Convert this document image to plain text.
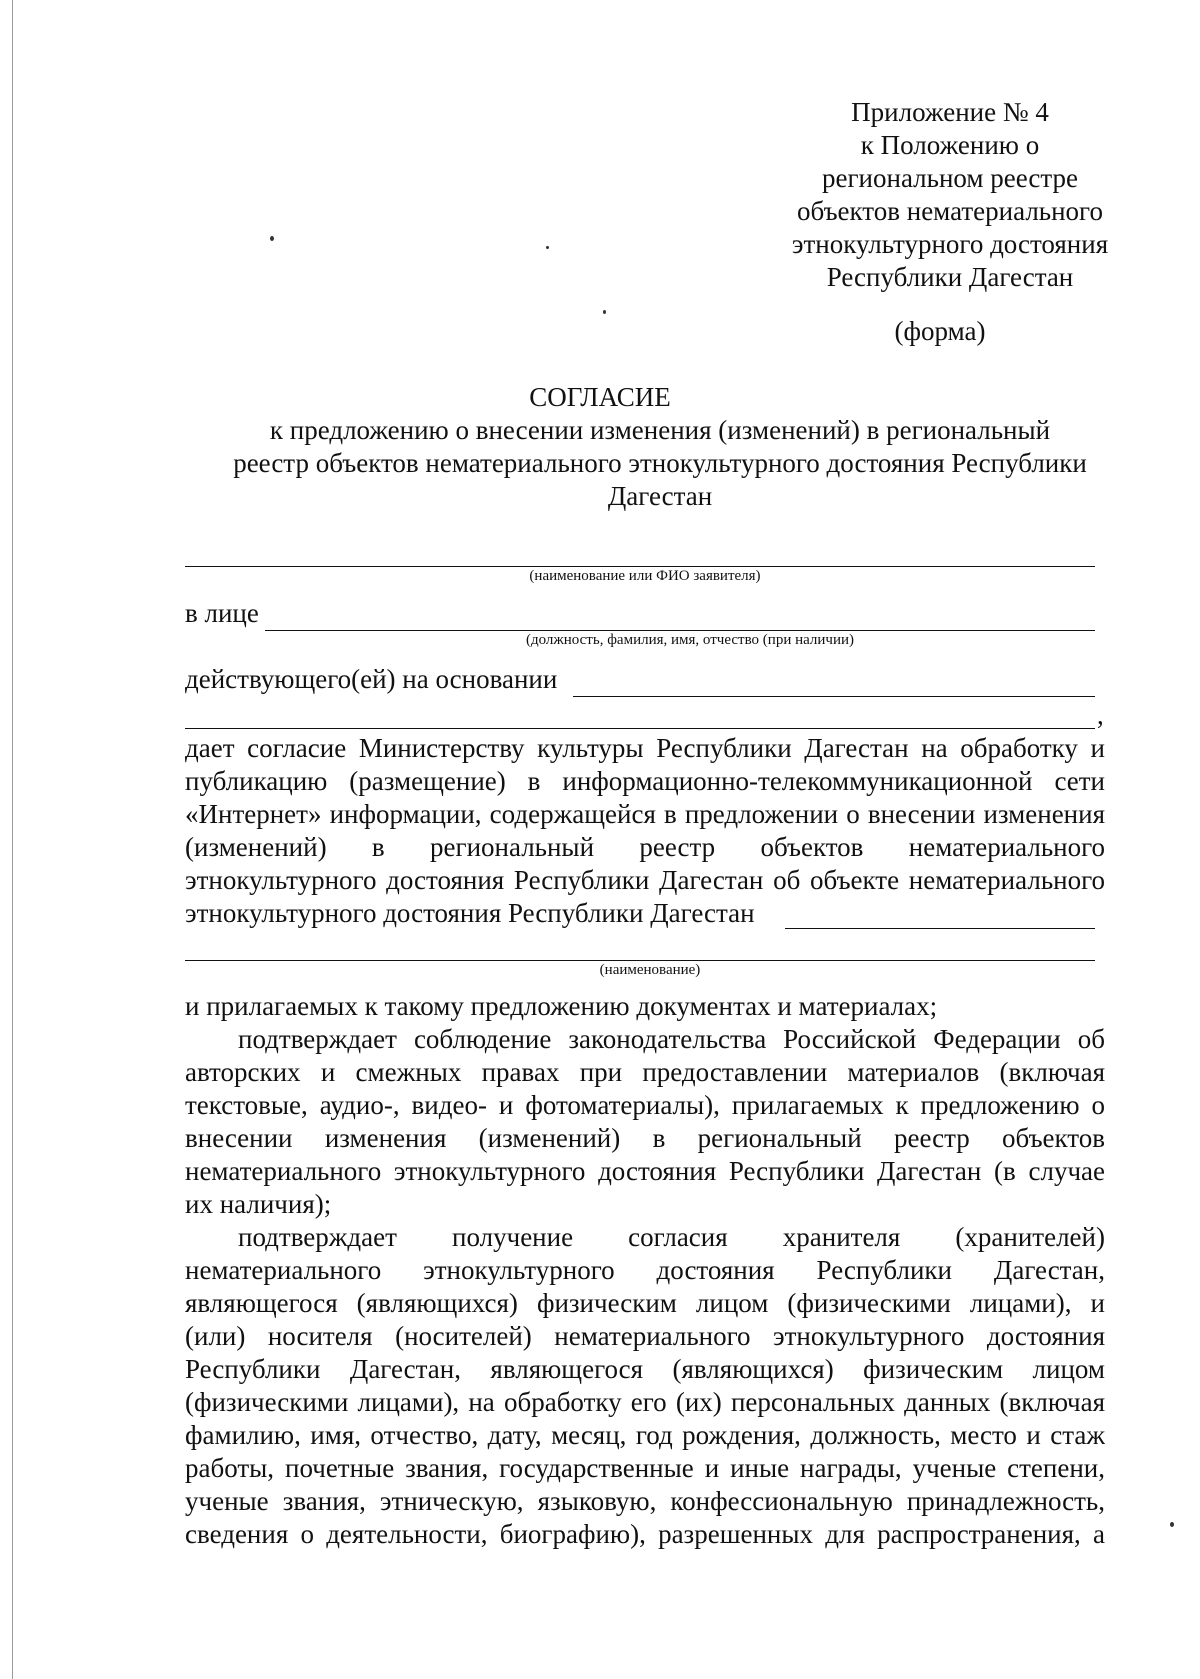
Приложение № 4
к Положению о
региональном реестре
объектов нематериального
этнокультурного достояния
Республики Дагестан
(форма)
СОГЛАСИЕ
к предложению о внесении изменения (изменений) в региональный
реестр объектов нематериального этнокультурного достояния Республики
Дагестан
(наименование или ФИО заявителя)
в лице
(должность, фамилия, имя, отчество (при наличии)
действующего(ей) на основании
,
дает согласие Министерству культуры Республики Дагестан на обработку и
публикацию (размещение) в информационно-телекоммуникационной сети
«Интернет» информации, содержащейся в предложении о внесении изменения
(изменений) в региональный реестр объектов нематериального
этнокультурного достояния Республики Дагестан об объекте нематериального
этнокультурного достояния Республики Дагестан
(наименование)
и прилагаемых к такому предложению документах и материалах;
подтверждает соблюдение законодательства Российской Федерации об
авторских и смежных правах при предоставлении материалов (включая
текстовые, аудио-, видео- и фотоматериалы), прилагаемых к предложению о
внесении изменения (изменений) в региональный реестр объектов
нематериального этнокультурного достояния Республики Дагестан (в случае
их наличия);
подтверждает получение согласия хранителя (хранителей)
нематериального этнокультурного достояния Республики Дагестан,
являющегося (являющихся) физическим лицом (физическими лицами), и
(или) носителя (носителей) нематериального этнокультурного достояния
Республики Дагестан, являющегося (являющихся) физическим лицом
(физическими лицами), на обработку его (их) персональных данных (включая
фамилию, имя, отчество, дату, месяц, год рождения, должность, место и стаж
работы, почетные звания, государственные и иные награды, ученые степени,
ученые звания, этническую, языковую, конфессиональную принадлежность,
сведения о деятельности, биографию), разрешенных для распространения, а
